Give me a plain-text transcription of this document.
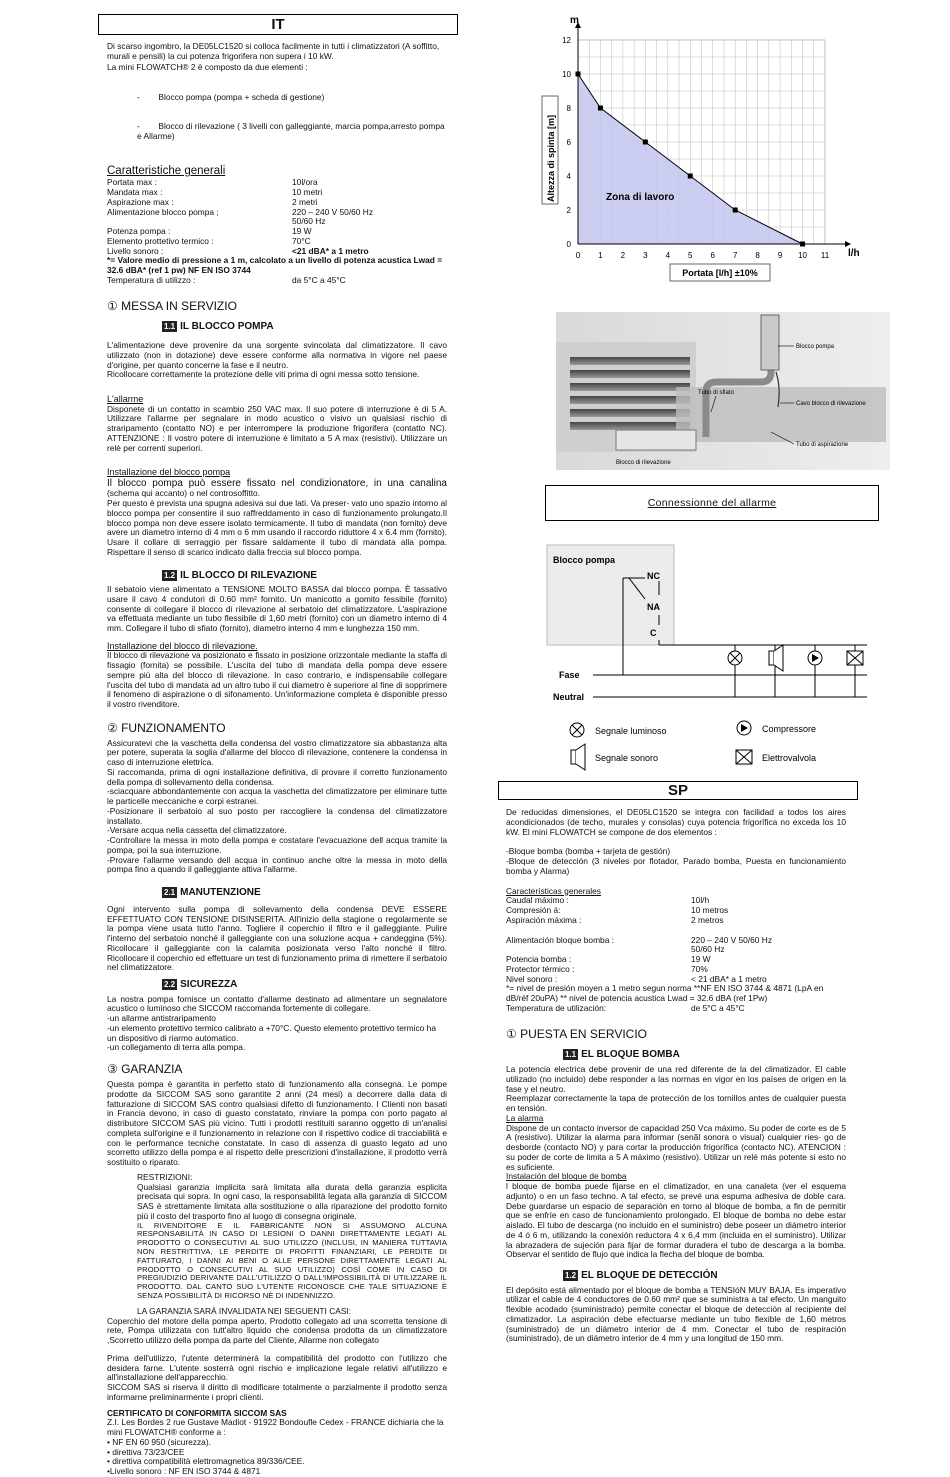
IT
Di scarso ingombro, la DE05LC1520 si colloca facilmente in tutti i climatizzatori (A soffitto, murali e pensili) la cui potenza frigorifera non supera i 10 kW.
La mini FLOWATCH® 2 è composto da due elementi :

-        Blocco pompa (pompa + scheda di gestione)

-        Blocco di rilevazione ( 3 livelli con galleggiante, marcia pompa,arresto pompa e Allarme)

Caratteristiche generali
Portata max :	10l/ora
Mandata max :	10 metri
Aspirazione max :	2 metri
Alimentazione blocco pompa ;	220 – 240 V 50/60 Hz
50/60 Hz
Potenza pompa :	19 W
Elemento prottetivo termico :	70°C
Livello sonoro :	<21 dBA* a 1 metro
*= Valore medio di pressione a 1 m, calcolato a un livello di potenza acustica Lwad = 32.6 dBA* (ref 1 pw) NF EN ISO 3744
Temperatura di utilizzo :	da 5°C a 45°C
① MESSA IN SERVIZIO
1.1 IL BLOCCO POMPA
L'alimentazione deve provenire da una sorgente svincolata dal climatizzatore. Il cavo utilizzato (non in dotazione) deve essere conforme alla normativa in vigore nel paese d'origine, per quanto concerne la fase e il neutro.
Ricollocare correttamente la protezione delle viti prima di ogni messa sotto tensione.
L'allarme
Disponete di un contatto in scambio 250 VAC max. Il suo potere di interruzione è di 5 A. Utilizzare l'allarme per segnalare in modo acustico o visivo un qualsiasi rischio di straripamento (contatto NO) e per interrompere la produzione frigorifera (contatto NC). ATTENZIONE : Il vostro potere di interruzione è limitato a 5 A max (resistivi). Utilizzare un relè per correnti superiori.
Installazione del blocco pompa
Il blocco pompa può essere fissato nel condizionatore, in una canalina (schema qui accanto) o nel controsoffitto.
Per questo è prevista una spugna adesiva sui due lati. Va preser- vato uno spazio intorno al blocco pompa per consentire il suo raffreddamento in caso di funzionamento prolungato.Il blocco pompa non deve essere isolato termicamente. Il tubo di mandata (non fornito) deve avere un diametro interno di 4 mm o 6 mm usando il raccordo riduttore 4 x 6.4 mm (fornito). Usare il collare di serraggio per fissare saldamente il tubo di mandata alla pompa. Rispettare il senso di scarico indicato dalla freccia sul blocco pompa.
1.2 IL BLOCCO DI RILEVAZIONE
Il sebatoio viene alimentato a TENSIONE MOLTO BASSA dal blocco pompa. È tassativo usare il cavo 4 condutori di 0.60 mm² fornito. Un manicotto a gomito fessibile (fornito) consente di collegare il blocco di rilevazione al serbatoio del climatizzatore. L'aspirazione va effettuata mediante un tubo flessibile di 1,60 metri (fornito) con un diametro interno di 4 mm. Collegare il tubo di sfiato (fornito), diametro interno 4 mm e lunghezza 150 mm.
Installazione del blocco di rilevazione.
Il blocco di rilevazione va posizionato e fissato in posizione orizzontale mediante la staffa di fissagio (fornita) se possibile. L'uscita del tubo di mandata della pompa deve essere sempre più alta del blocco di rilevazione. In caso contrario, e indispensabile collegare l'uscita del tubo di mandata ad un altro tubo il cui diametro è superiore al fine di sopprimere il fenomeno di aspirazione o di sifonamento. Un'informazione completa è disponible presso il vostro rivenditore.
② FUNZIONAMENTO
Assicuratevi che la vaschetta della condensa del vostro climatizzatore sia abbastanza alta per potere, superata la soglia d'allarme del blocco di rilevazione, contenere la condensa in caso di interruzione elettrica.
Si raccomanda, prima di ogni installazione definitiva, di provare il corretto funzionamento della pompa di sollevamento della condensa.
-sciacquare abbondantemente con acqua la vaschetta del climatizzatore per eliminare tutte le particelle meccaniche e corpi estranei.
-Posizionare il serbatoio al suo posto per raccogliere la condensa del climatizzatore installato.
-Versare acqua nella cassetta del climatizzatore.
-Controllare la messa in moto della pompa e costatare l'evacuazione dell acqua tramite la pompa, poi la sua interruzione.
-Provare l'allarme versando dell acqua in continuo anche oltre la messa in moto della pompa fino a quando il galleggiante attiva l'allarme.
2.1 MANUTENZIONE
Ogni intervento sulla pompa di sollevamento della condensa DEVE ESSERE EFFETTUATO CON TENSIONE DISINSERITA. All'inizio della stagione o regolarmente se la pompa viene usata tutto l'anno. Togliere il coperchio il filtro e il galleggiante. Pulire l'interno del serbatoio nonché il galleggiante con una soluzione acqua + candeggina (5%). Ricollocare il galleggiante con la calamita posizionata verso l'alto nonché il filtro. Ricollocare il coperchio ed effettuare un test di funzionamento prima di rimettere il serbatoio nel climatizzatore.
2.2 SICUREZZA
La nostra pompa fornisce un contatto d'allarme destinato ad alimentare un segnalatore acustico o luminoso che SICCOM raccomanda fortemente di collegare.
-un allarme antistraripamento
-un elemento protettivo termico calibrato a +70°C. Questo elemento protettivo termico ha un dispositivo di riarmo automatico.
-un collegamento di terra alla pompa.
③ GARANZIA
Questa pompa è garantita in perfetto stato di funzionamento alla consegna. Le pompe prodotte da SICCOM SAS sono garantite 2 anni (24 mesi) a decorrere dalla data di fatturazione di SICCOM SAS contro qualsiasi difetto di funzionamento. I Clienti non basati in Francia devono, in caso di guasto constatato, rinviare la pompa con porto pagato al distributore SICCOM SAS più vicino. Tutti i prodotti restituiti saranno oggetto di un'analisi completa sull'origine e il funzionamento in relazione con il rispettivo codice di tracciabilità e con le performance tecniche constatate. In caso di assenza di guasto legato ad uno scorretto utilizzo della pompa e al rispetto delle prescrizioni d'installazione, il prodotto verrà sostituito o riparato.
RESTRIZIONI:
Qualsiasi garanzia implicita sarà limitata alla durata della garanzia esplicita precisata qui sopra. In ogni caso, la responsabilità legata alla garanzia di SICCOM SAS è strettamente limitata alla sostituzione o alla riparazione del prodotto fornito più il costo del trasporto fino al luogo di consegna originale.
IL RIVENDITORE E IL FABBRICANTE NON SI ASSUMONO ALCUNA RESPONSABILITÀ IN CASO DI LESIONI O DANNI DIRETTAMENTE LEGATI AL PRODOTTO O CONSECUTIVI AL SUO UTILIZZO (INCLUSI, IN MANIERA TUTTAVIA NON RESTRITTIVA, LE PERDITE DI PROFITTI FINANZIARI, LE PERDITE DI FATTURATO, I DANNI AI BENI O ALLE PERSONE DIRETTAMENTE LEGATI AL PRODOTTO O CONSECUTIVI AL SUO UTILIZZO) COSÌ COME IN CASO DI PREGIUDIZIO DERIVANTE DALL'UTILIZZO O DALL'IMPOSSIBILITÀ DI UTILIZZARE IL PRODOTTO. DAL CANTO SUO L'UTENTE RICONOSCE CHE TALE SITUAZIONE È SENZA POSSIBILITÀ DI RICORSO NÈ DI INDENNIZZO.
LA GARANZIA SARÀ INVALIDATA NEI SEGUENTI CASI:
Coperchio del motore della pompa aperto, Prodotto collegato ad una scorretta tensione di rete, Pompa utilizzata con tutt'altro liquido che condensa prodotta da un climatizzatore ,Scorretto utilizzo della pompa da parte del Cliente, Allarme non collegato
Prima dell'utilizzo, l'utente determinerà la compatibilità del prodotto con l'utilizzo che desidera farne. L'utente sosterrà ogni rischio e implicazione legale relativi all'utilizzo e all'installazione dell'apparecchio.
SICCOM SAS si riserva il diritto di modificare totalmente o parzialmente il prodotto senza informarne preliminarmente i propri clienti.
CERTIFICATO DI CONFORMITA SICCOM SAS
Z.I. Les Bordes 2 rue Gustave Madiot - 91922 Bondoufle Cedex - FRANCE dichiaria che la mini FLOWATCH® conforme a :
• NF EN 60 950 (sicurezza).
• direttiva 73/23/CEE
• direttiva compatibilità elettromagnetica 89/336/CEE.
•Livello sonoro : NF EN ISO 3744 & 4871
0 1 2 3 4 5 6 7 8 9 10 11
0
2
4
6
8
10
12
m
l/h
Zona di lavoro
Altezza di spinta [m]
Portata [l/h] ±10%
Blocco pompa
Tubo di sfiato
Cavo blocco di rilevazione
Tubo di aspirazione
Blocco di rilevazione
Connessionne del allarme
Blocco pompa
NC
NA
C
Fase
Neutral
Segnale luminoso	Compressore
Segnale sonoro	Elettrovalvola
SP
De reducidas dimensiones, el DE05LC1520 se integra con facilidad a todos los aires acondicionados (de techo, murales y consolas) cuya potencia frigorífica no exceda los 10 kW. El mini FLOWATCH se compone de dos elementos :
-Bloque bomba (bomba + tarjeta de gestión)
-Bloque de detección (3 niveles por flotador, Parado bomba, Puesta en funcionamiento bomba y Alarma)
Características generales
Caudal máximo :	10l/h
Compresión á:	10 metros
Aspiración máxima :	2 metros
Alimentación bloque bomba :	220 – 240 V 50/60 Hz
50/60 Hz
Potencia bomba :	19 W
Protector térmico :	70%
Nivel sonoro :	< 21 dBA* a 1 metro
*= nivel de presión moyen a 1 metro segun norma **NF EN ISO 3744 & 4871 (LpA en dB/réf 20uPA) ** nivel de potencia acustica Lwad = 32.6 dBA (ref 1Pw)
Temperatura de utilización:	de 5°C a 45°C
① PUESTA EN SERVICIO
1.1 EL BLOQUE BOMBA
La potencia electrica debe provenir de una red diferente de la del climatizador. El cable utilizado (no incluido) debe responder a las normas en vigor en los países de origen en la fase y el neutro.
Reemplazar correctamente la tapa de protección de los tornillos antes de cualquier puesta en tensión.
La alarma
Dispone de un contacto inversor de capacidad 250 Vca máximo. Su poder de corte es de 5 A (resistivo). Utilizar la alarma para informar (senãl sonora o visual) cualquier ries- go de desborde (contacto NO) y para cortar la producción frigorífica (contacto NC). ATENCION : su poder de corte de limita a 5 A máximo (resistivo). Utilizar un relé más potente si esto no es suficiente.
Instalación del bloque de bomba
l bloque de bomba puede fijarse en el climatizador, en una canaleta (ver el esquema adjunto) o en un faso techno. A tal efecto, se prevé una espuma adhesiva de doble cara. Debe guardarse un espacio de separación en torno al bloque de bomba, a fin de permitir que se enfríe en caso de funcionamiento prolongado. El bloque de bomba no debe estar aislado. El tubo de descarga (no incluido en el suministro) debe poseer un diámetro interior de 4 ó 6 m, utilizando la conexión reductora 4 x 6,4 mm (incluida en el suministro). Utilizar la abrazadera de sujeción para fijar de formar duradera el tubo de descarga a la bomba. Observar el sentido de flujo que indica la flecha del bloque de bomba.
1.2 EL BLOQUE DE DETECCIÓN
El depósito está alimentado por el bloque de bomba a TENSIóN MUY BAJA. Es imperativo utilizar el cable de 4 conductores de 0.60 mm² que se suministra a tal efecto. Un manguito flexible acodado (suministrado) permite conectar el bloque de detección al recipiente del climatizador. La aspiración debe efectuarse mediante un tubo flexible de 1,60 metros (suministrado) de un diámetro interior de 4 mm. Conectar el tubo de respiración (suministrado), de un diámetro interior de 4 mm y una longitud de 150 mm.
